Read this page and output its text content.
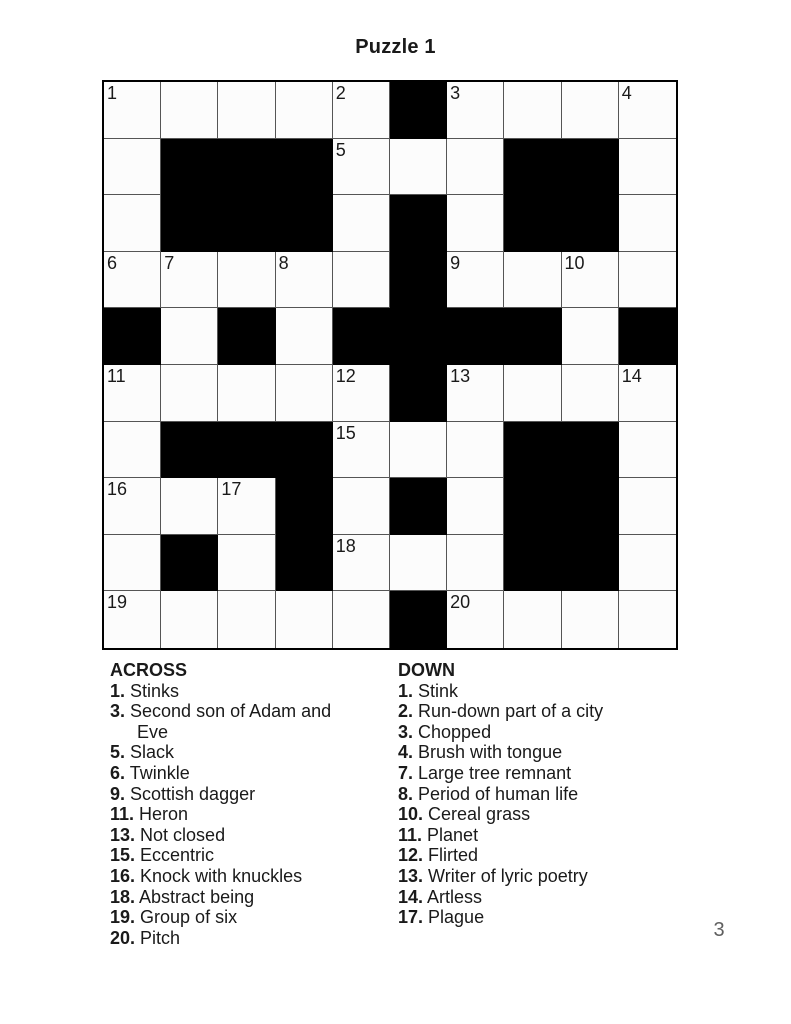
Puzzle 1
1	2	3	4
5
6	7	8	9	10
11	12	13	14
15
16	17
18
19	20
ACROSS
1. Stinks
3. Second son of Adam and Eve
5. Slack
6. Twinkle
9. Scottish dagger
11. Heron
13. Not closed
15. Eccentric
16. Knock with knuckles
18. Abstract being
19. Group of six
20. Pitch
DOWN
1. Stink
2. Run-down part of a city
3. Chopped
4. Brush with tongue
7. Large tree remnant
8. Period of human life
10. Cereal grass
11. Planet
12. Flirted
13. Writer of lyric poetry
14. Artless
17. Plague
3
